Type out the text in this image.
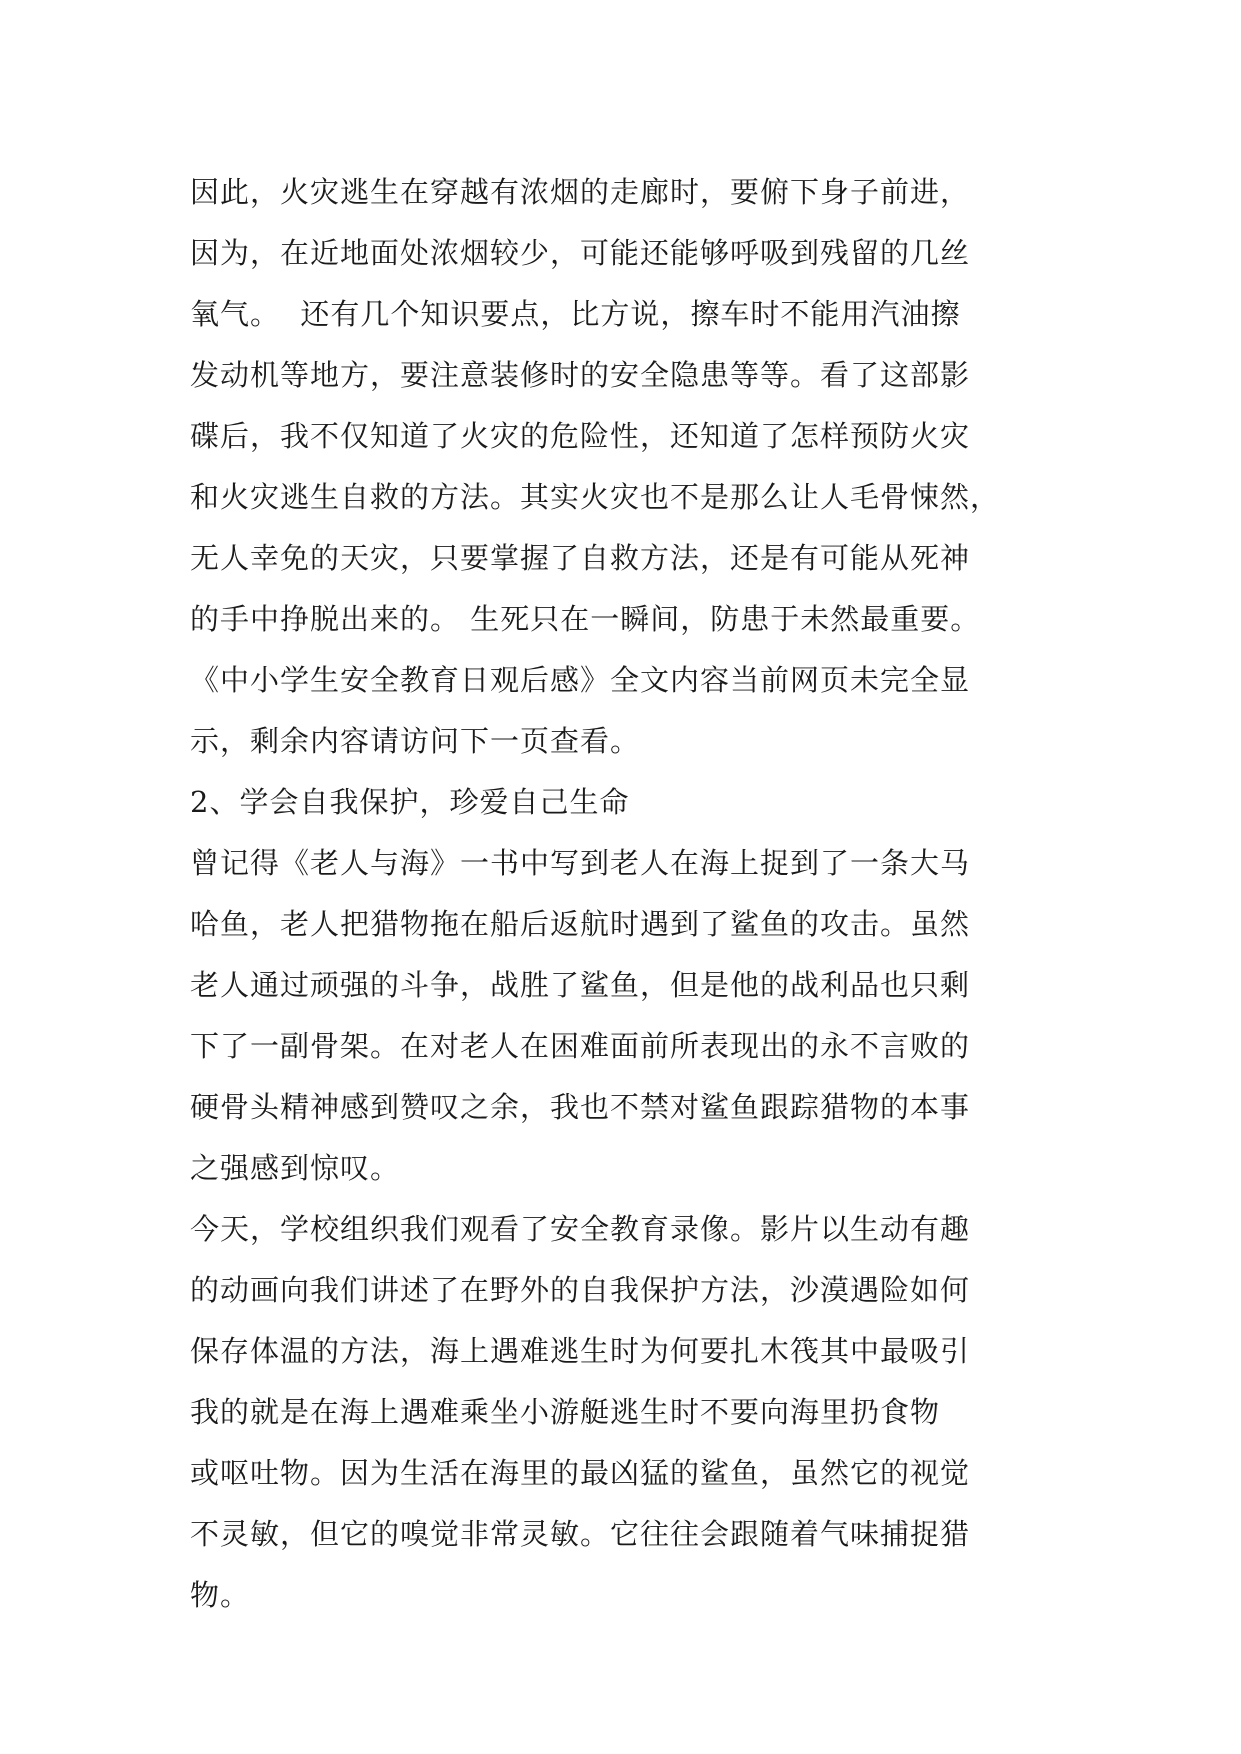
因此，火灾逃生在穿越有浓烟的走廊时，要俯下身子前进，
因为，在近地面处浓烟较少，可能还能够呼吸到残留的几丝
氧气。  还有几个知识要点，比方说，擦车时不能用汽油擦
发动机等地方，要注意装修时的安全隐患等等。看了这部影
碟后，我不仅知道了火灾的危险性，还知道了怎样预防火灾
和火灾逃生自救的方法。其实火灾也不是那么让人毛骨悚然，
无人幸免的天灾，只要掌握了自救方法，还是有可能从死神
的手中挣脱出来的。 生死只在一瞬间，防患于未然最重要。
《中小学生安全教育日观后感》全文内容当前网页未完全显
示，剩余内容请访问下一页查看。
2、学会自我保护，珍爱自己生命
曾记得《老人与海》一书中写到老人在海上捉到了一条大马
哈鱼，老人把猎物拖在船后返航时遇到了鲨鱼的攻击。虽然
老人通过顽强的斗争，战胜了鲨鱼，但是他的战利品也只剩
下了一副骨架。在对老人在困难面前所表现出的永不言败的
硬骨头精神感到赞叹之余，我也不禁对鲨鱼跟踪猎物的本事
之强感到惊叹。
今天，学校组织我们观看了安全教育录像。影片以生动有趣
的动画向我们讲述了在野外的自我保护方法，沙漠遇险如何
保存体温的方法，海上遇难逃生时为何要扎木筏其中最吸引
我的就是在海上遇难乘坐小游艇逃生时不要向海里扔食物
或呕吐物。因为生活在海里的最凶猛的鲨鱼，虽然它的视觉
不灵敏，但它的嗅觉非常灵敏。它往往会跟随着气味捕捉猎
物。
